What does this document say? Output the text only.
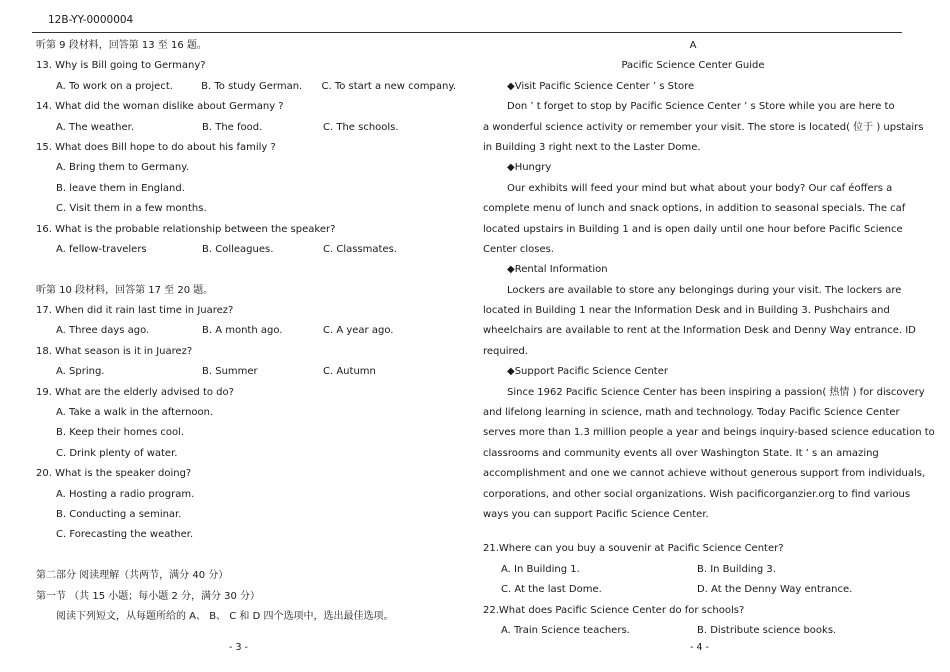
12B-YY-0000004
听第 9 段材料，回答第 13 至 16 题。
13. Why is Bill going to Germany?
A. To work on a project.	B. To study German.	C. To start a new company.
14. What did the woman dislike about Germany ?
A. The weather.	B. The food.	C. The schools.
15. What does Bill hope to do about his family ?
A. Bring them to Germany.
B. leave them in England.
C. Visit them in a few months.
16. What is the probable relationship between the speaker?
A. fellow-travelers	B. Colleagues.	C. Classmates.
听第 10 段材料，回答第 17 至 20 题。
17. When did it rain last time in Juarez?
A. Three days ago.	B. A month ago.	C. A year ago.
18. What season is it in Juarez?
A. Spring.	B. Summer	C. Autumn
19. What are the elderly advised to do?
A. Take a walk in the afternoon.
B. Keep their homes cool.
C. Drink plenty of water.
20. What is the speaker doing?
A. Hosting a radio program.
B. Conducting a seminar.
C. Forecasting the weather.
第二部分 阅读理解（共两节，满分 40 分）
第一节 （共 15 小题；每小题 2 分，满分 30 分）
阅读下列短文，从每题所给的 A、 B、 C 和 D 四个选项中，选出最佳选项。
- 3 -
A
Pacific Science Center Guide
◆Visit Pacific Science Center ’ s Store
Don ’ t forget to stop by Pacific Science Center ’ s Store while you are here to
a wonderful science activity or remember your visit. The store is located( 位于 ) upstairs
in Building 3 right next to the Laster Dome.
◆Hungry
Our exhibits will feed your mind but what about your body? Our caf éoffers a
complete menu of lunch and snack options, in addition to seasonal specials. The caf
located upstairs in Building 1 and is open daily until one hour before Pacific Science
Center closes.
◆Rental Information
Lockers are available to store any belongings during your visit. The lockers are
located in Building 1 near the Information Desk and in Building 3. Pushchairs and
wheelchairs are available to rent at the Information Desk and Denny Way entrance. ID
required.
◆Support Pacific Science Center
Since 1962 Pacific Science Center has been inspiring a passion( 热情 ) for discovery
and lifelong learning in science, math and technology. Today Pacific Science Center
serves more than 1.3 million people a year and beings inquiry-based science education to
classrooms and community events all over Washington State. It ’ s an amazing
accomplishment and one we cannot achieve without generous support from individuals,
corporations, and other social organizations. Wish pacificorganzier.org to find various
ways you can support Pacific Science Center.
21.Where can you buy a souvenir at Pacific Science Center?
A. In Building 1.	B. In Building 3.
C. At the last Dome.	D. At the Denny Way entrance.
22.What does Pacific Science Center do for schools?
A. Train Science teachers.	B. Distribute science books.
- 4 -
